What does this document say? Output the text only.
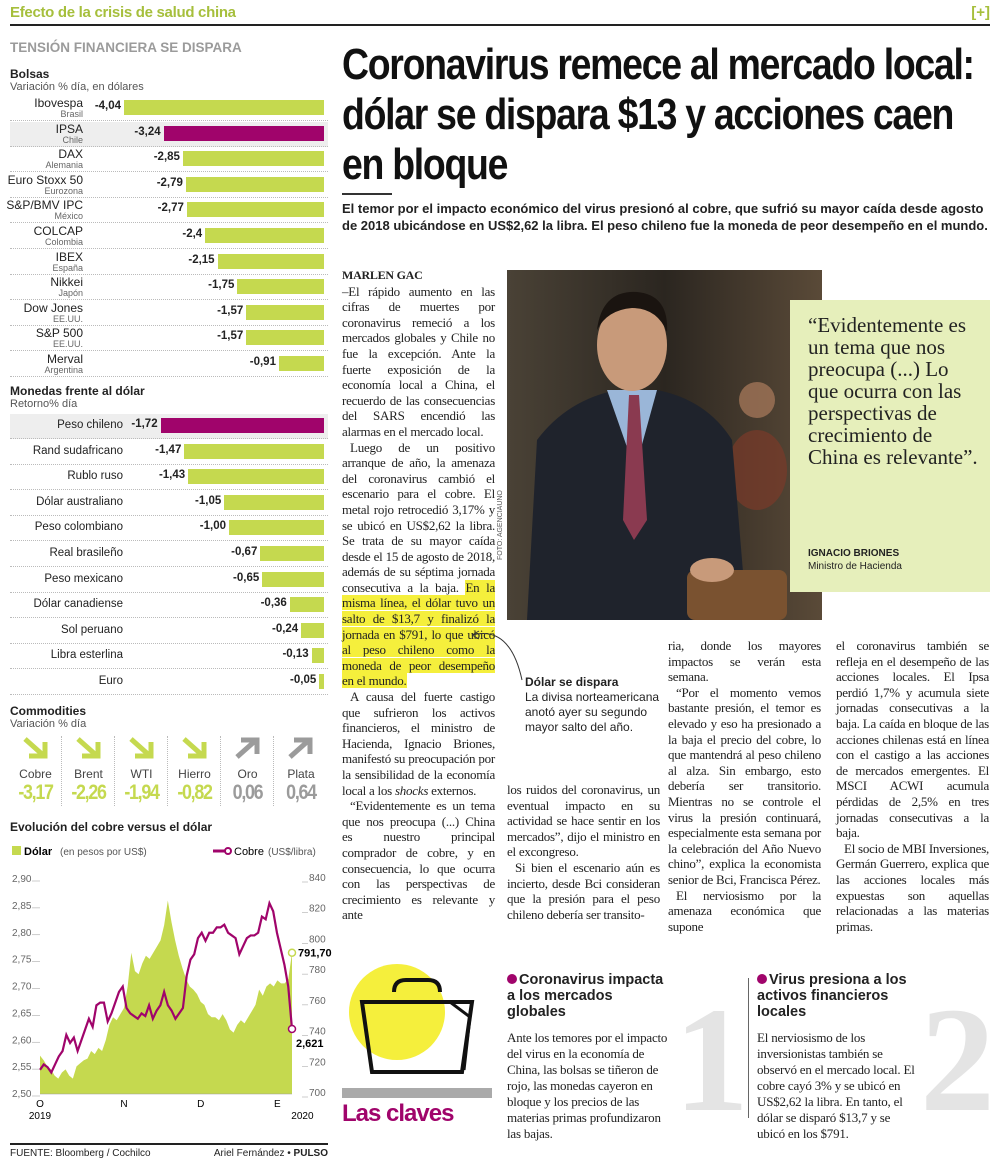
Efecto de la crisis de salud china	[+]
TENSIÓN FINANCIERA SE DISPARA
Bolsas
Variación % día, en dólares
Ibovespa
Brasil
-4,04
IPSA
Chile
-3,24
DAX
Alemania
-2,85
Euro Stoxx 50
Eurozona
-2,79
S&P/BMV IPC
México
-2,77
COLCAP
Colombia
-2,4
IBEX
España
-2,15
Nikkei
Japón
-1,75
Dow Jones
EE.UU.
-1,57
S&P 500
EE.UU.
-1,57
Merval
Argentina
-0,91
Monedas frente al dólar
Retorno% día
Peso chileno -1,72
Rand sudafricano	-1,47
Rublo ruso	-1,43
Dólar australiano	-1,05
Peso colombiano	-1,00
Real brasileño	-0,67
Peso mexicano	-0,65
Dólar canadiense	-0,36
Sol peruano	-0,24
Libra esterlina	-0,13
Euro	-0,05
Commodities
Variación % día
Cobre
-3,17
Brent
-2,26
WTI
-1,94
Hierro
-0,82
Oro
0,06
Plata
0,64
Evolución del cobre versus el dólar
Dólar (en pesos por US$)	Cobre (US$/libra)
2,50
2,55
2,60
2,65
2,70
2,75
2,80
2,85
2,90
700
720
740
760
780
800
820
840
791,70
2,621
O
2019
N	D	E
2020
FUENTE: Bloomberg / Cochilco	Ariel Fernández • PULSO
Coronavirus remece al mercado local: dólar se dispara $13 y acciones caen en bloque
El temor por el impacto económico del virus presionó al cobre, que sufrió su mayor caída desde agosto de 2018 ubicándose en US$2,62 la libra. El peso chileno fue la moneda de peor desempeño en el mundo.

MARLEN GAC

–El rápido aumento en las cifras de muertes por coronavirus remeció a los mercados globales y Chile no fue la excepción. Ante la fuerte exposición de la economía local a China, el recuerdo de las consecuencias del SARS encendió las alarmas en el mercado local.

Luego de un positivo arranque de año, la amenaza del coronavirus cambió el escenario para el cobre. El metal rojo retrocedió 3,17% y se ubicó en US$2,62 la libra. Se trata de su mayor caída desde el 15 de agosto de 2018, además de su séptima jornada consecutiva a la baja. En la misma línea, el dólar tuvo un salto de $13,7 y finalizó la jornada en $791, lo que ubicó al peso chileno como la moneda de peor desempeño en el mundo.

A causa del fuerte castigo que sufrieron los activos financieros, el ministro de Hacienda, Ignacio Briones, manifestó su preocupación por la sensibilidad de la economía local a los shocks externos.

“Evidentemente es un tema que nos preocupa (...) China es nuestro principal comprador de cobre, y en consecuencia, lo que ocurra con las perspectivas de crecimiento es relevante y ante

FOTO: AGENCIAUNO
“Evidentemente es un tema que nos preocupa (...) Lo que ocurra con las perspectivas de crecimiento de China es relevante”.
IGNACIO BRIONES
Ministro de Hacienda
Dólar se dispara
La divisa norteamericana anotó ayer su segundo mayor salto del año.

los ruidos del coronavirus, un eventual impacto en su actividad se hace sentir en los mercados”, dijo el ministro en el excongreso.

Si bien el escenario aún es incierto, desde Bci consideran que la presión para el peso chileno debería ser transito-

ria, donde los mayores impactos se verán esta semana.

“Por el momento vemos bastante presión, el temor es elevado y eso ha presionado a la baja el precio del cobre, lo que mantendrá al peso chileno al alza. Sin embargo, esto debería ser transitorio. Mientras no se controle el virus la presión continuará, especialmente esta semana por la celebración del Año Nuevo chino”, explica la economista senior de Bci, Francisca Pérez.

El nerviosismo por la amenaza económica que supone

el coronavirus también se refleja en el desempeño de las acciones locales. El Ipsa perdió 1,7% y acumula siete jornadas consecutivas a la baja. La caída en bloque de las acciones chilenas está en línea con el castigo a las acciones de mercados emergentes. El MSCI ACWI acumula pérdidas de 2,5% en tres jornadas consecutivas a la baja.

El socio de MBI Inversiones, Germán Guerrero, explica que las acciones locales más expuestas son aquellas relacionadas a las materias primas.

Las claves 1 2
Coronavirus impacta a los mercados globales

Ante los temores por el impacto del virus en la economía de China, las bolsas se tiñeron de rojo, las monedas cayeron en bloque y los precios de las materias primas profundizaron las bajas.

Virus presiona a los activos financieros locales

El nerviosismo de los inversionistas también se observó en el mercado local. El cobre cayó 3% y se ubicó en US$2,62 la libra. En tanto, el dólar se disparó $13,7 y se ubicó en los $791.
